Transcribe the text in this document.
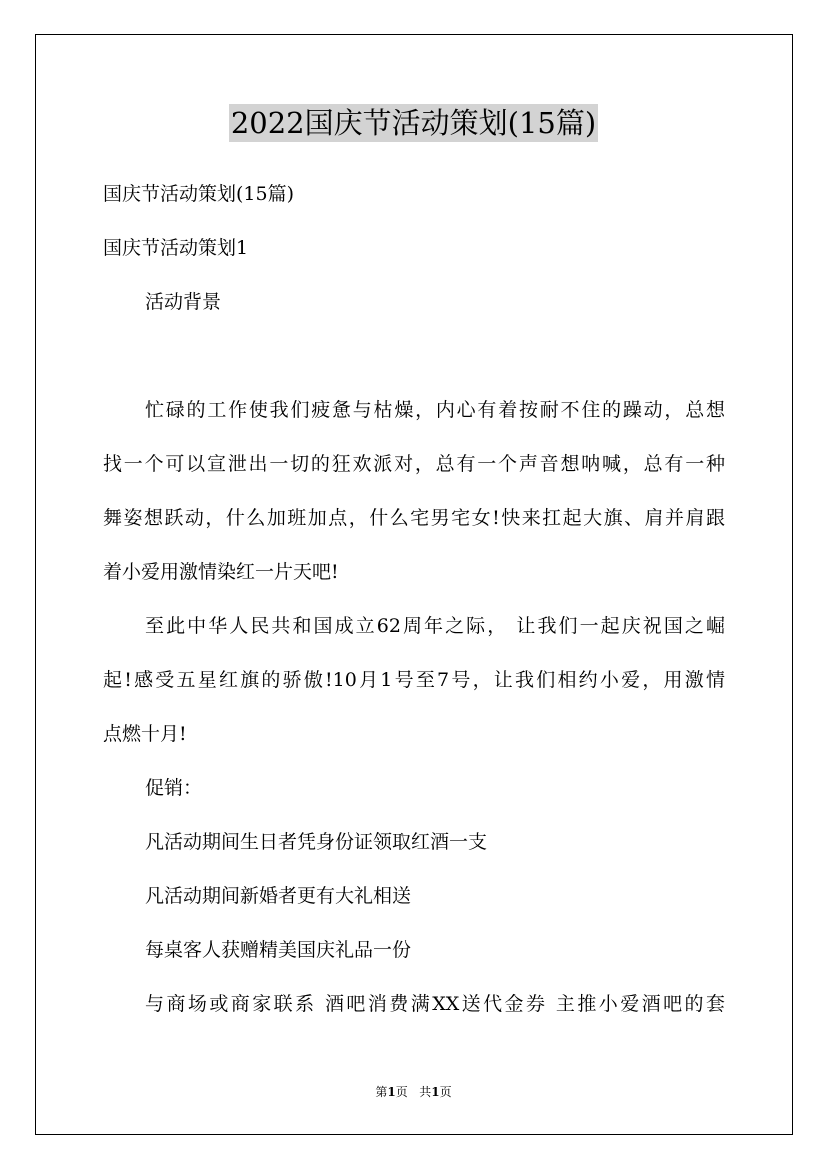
2022国庆节活动策划(15篇)
国庆节活动策划(15篇)
国庆节活动策划1
活动背景
忙碌的工作使我们疲惫与枯燥，内心有着按耐不住的躁动，总想
找一个可以宣泄出一切的狂欢派对，总有一个声音想呐喊，总有一种
舞姿想跃动，什么加班加点，什么宅男宅女!快来扛起大旗、肩并肩跟
着小爱用激情染红一片天吧!
至此中华人民共和国成立62周年之际， 让我们一起庆祝国之崛
起!感受五星红旗的骄傲!10月1号至7号，让我们相约小爱，用激情
点燃十月!
促销：
凡活动期间生日者凭身份证领取红酒一支
凡活动期间新婚者更有大礼相送
每桌客人获赠精美国庆礼品一份
与商场或商家联系 酒吧消费满XX送代金券 主推小爱酒吧的套
第1页 共1页
